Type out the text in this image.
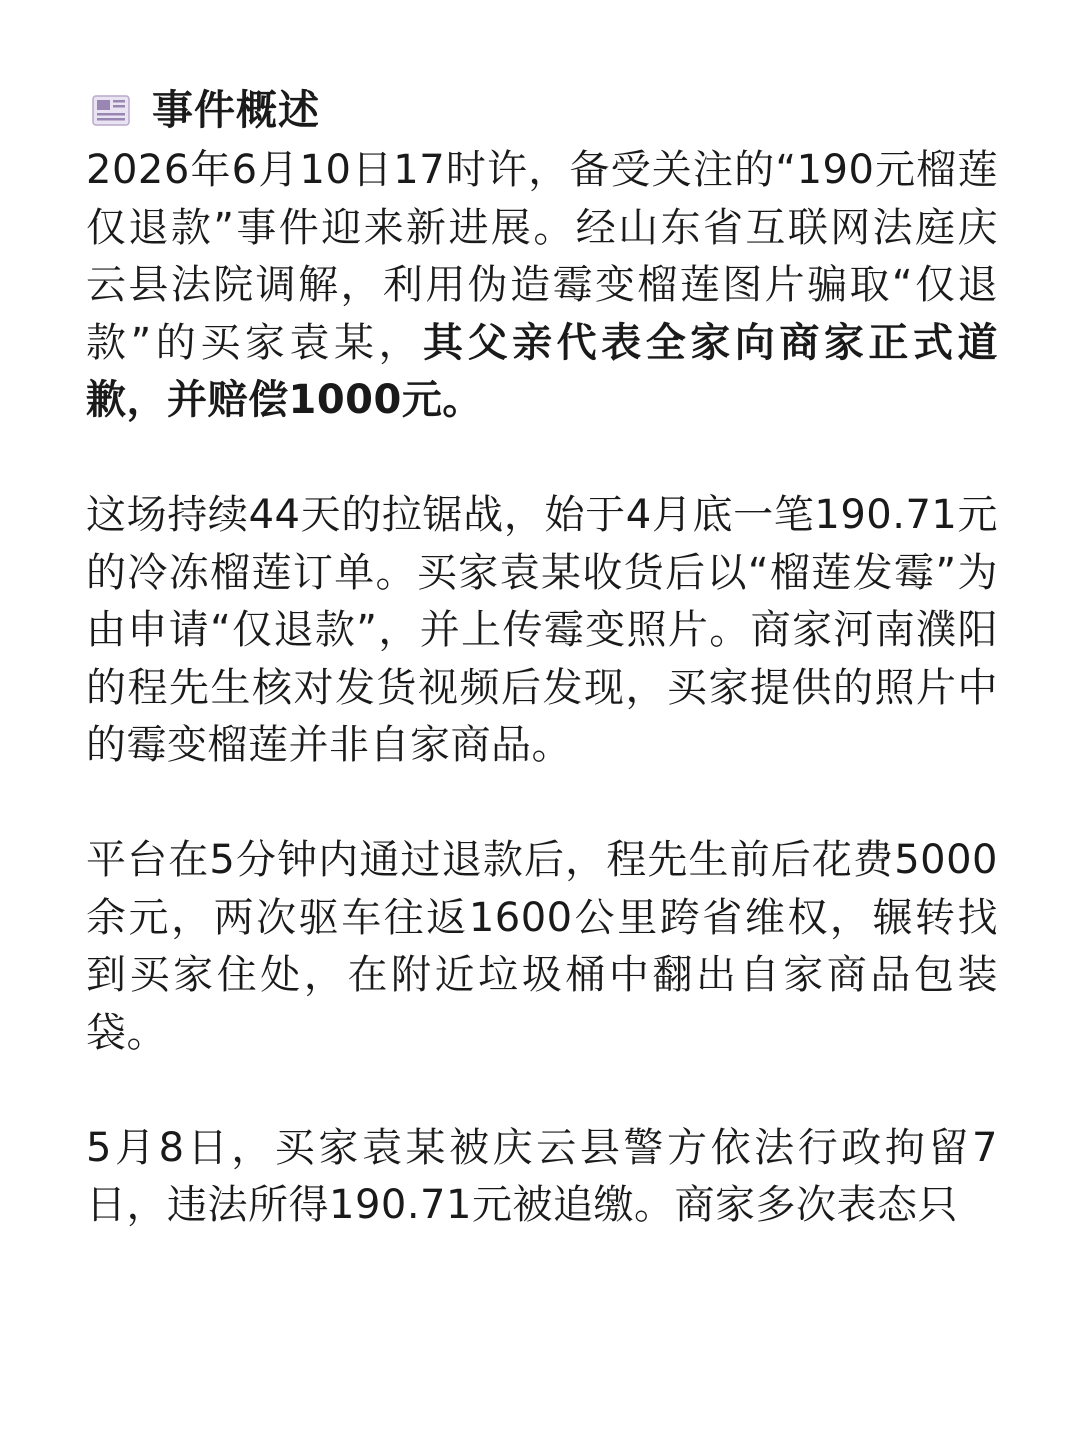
事件概述

2026年6月10日17时许，备受关注的“190元榴莲仅退款”事件迎来新进展。经山东省互联网法庭庆云县法院调解，利用伪造霉变榴莲图片骗取“仅退款”的买家袁某，其父亲代表全家向商家正式道歉，并赔偿1000元。

这场持续44天的拉锯战，始于4月底一笔190.71元的冷冻榴莲订单。买家袁某收货后以“榴莲发霉”为由申请“仅退款”，并上传霉变照片。商家河南濮阳的程先生核对发货视频后发现，买家提供的照片中的霉变榴莲并非自家商品。

平台在5分钟内通过退款后，程先生前后花费5000余元，两次驱车往返1600公里跨省维权，辗转找到买家住处，在附近垃圾桶中翻出自家商品包装袋。

5月8日，买家袁某被庆云县警方依法行政拘留7日，违法所得190.71元被追缴。商家多次表态只
